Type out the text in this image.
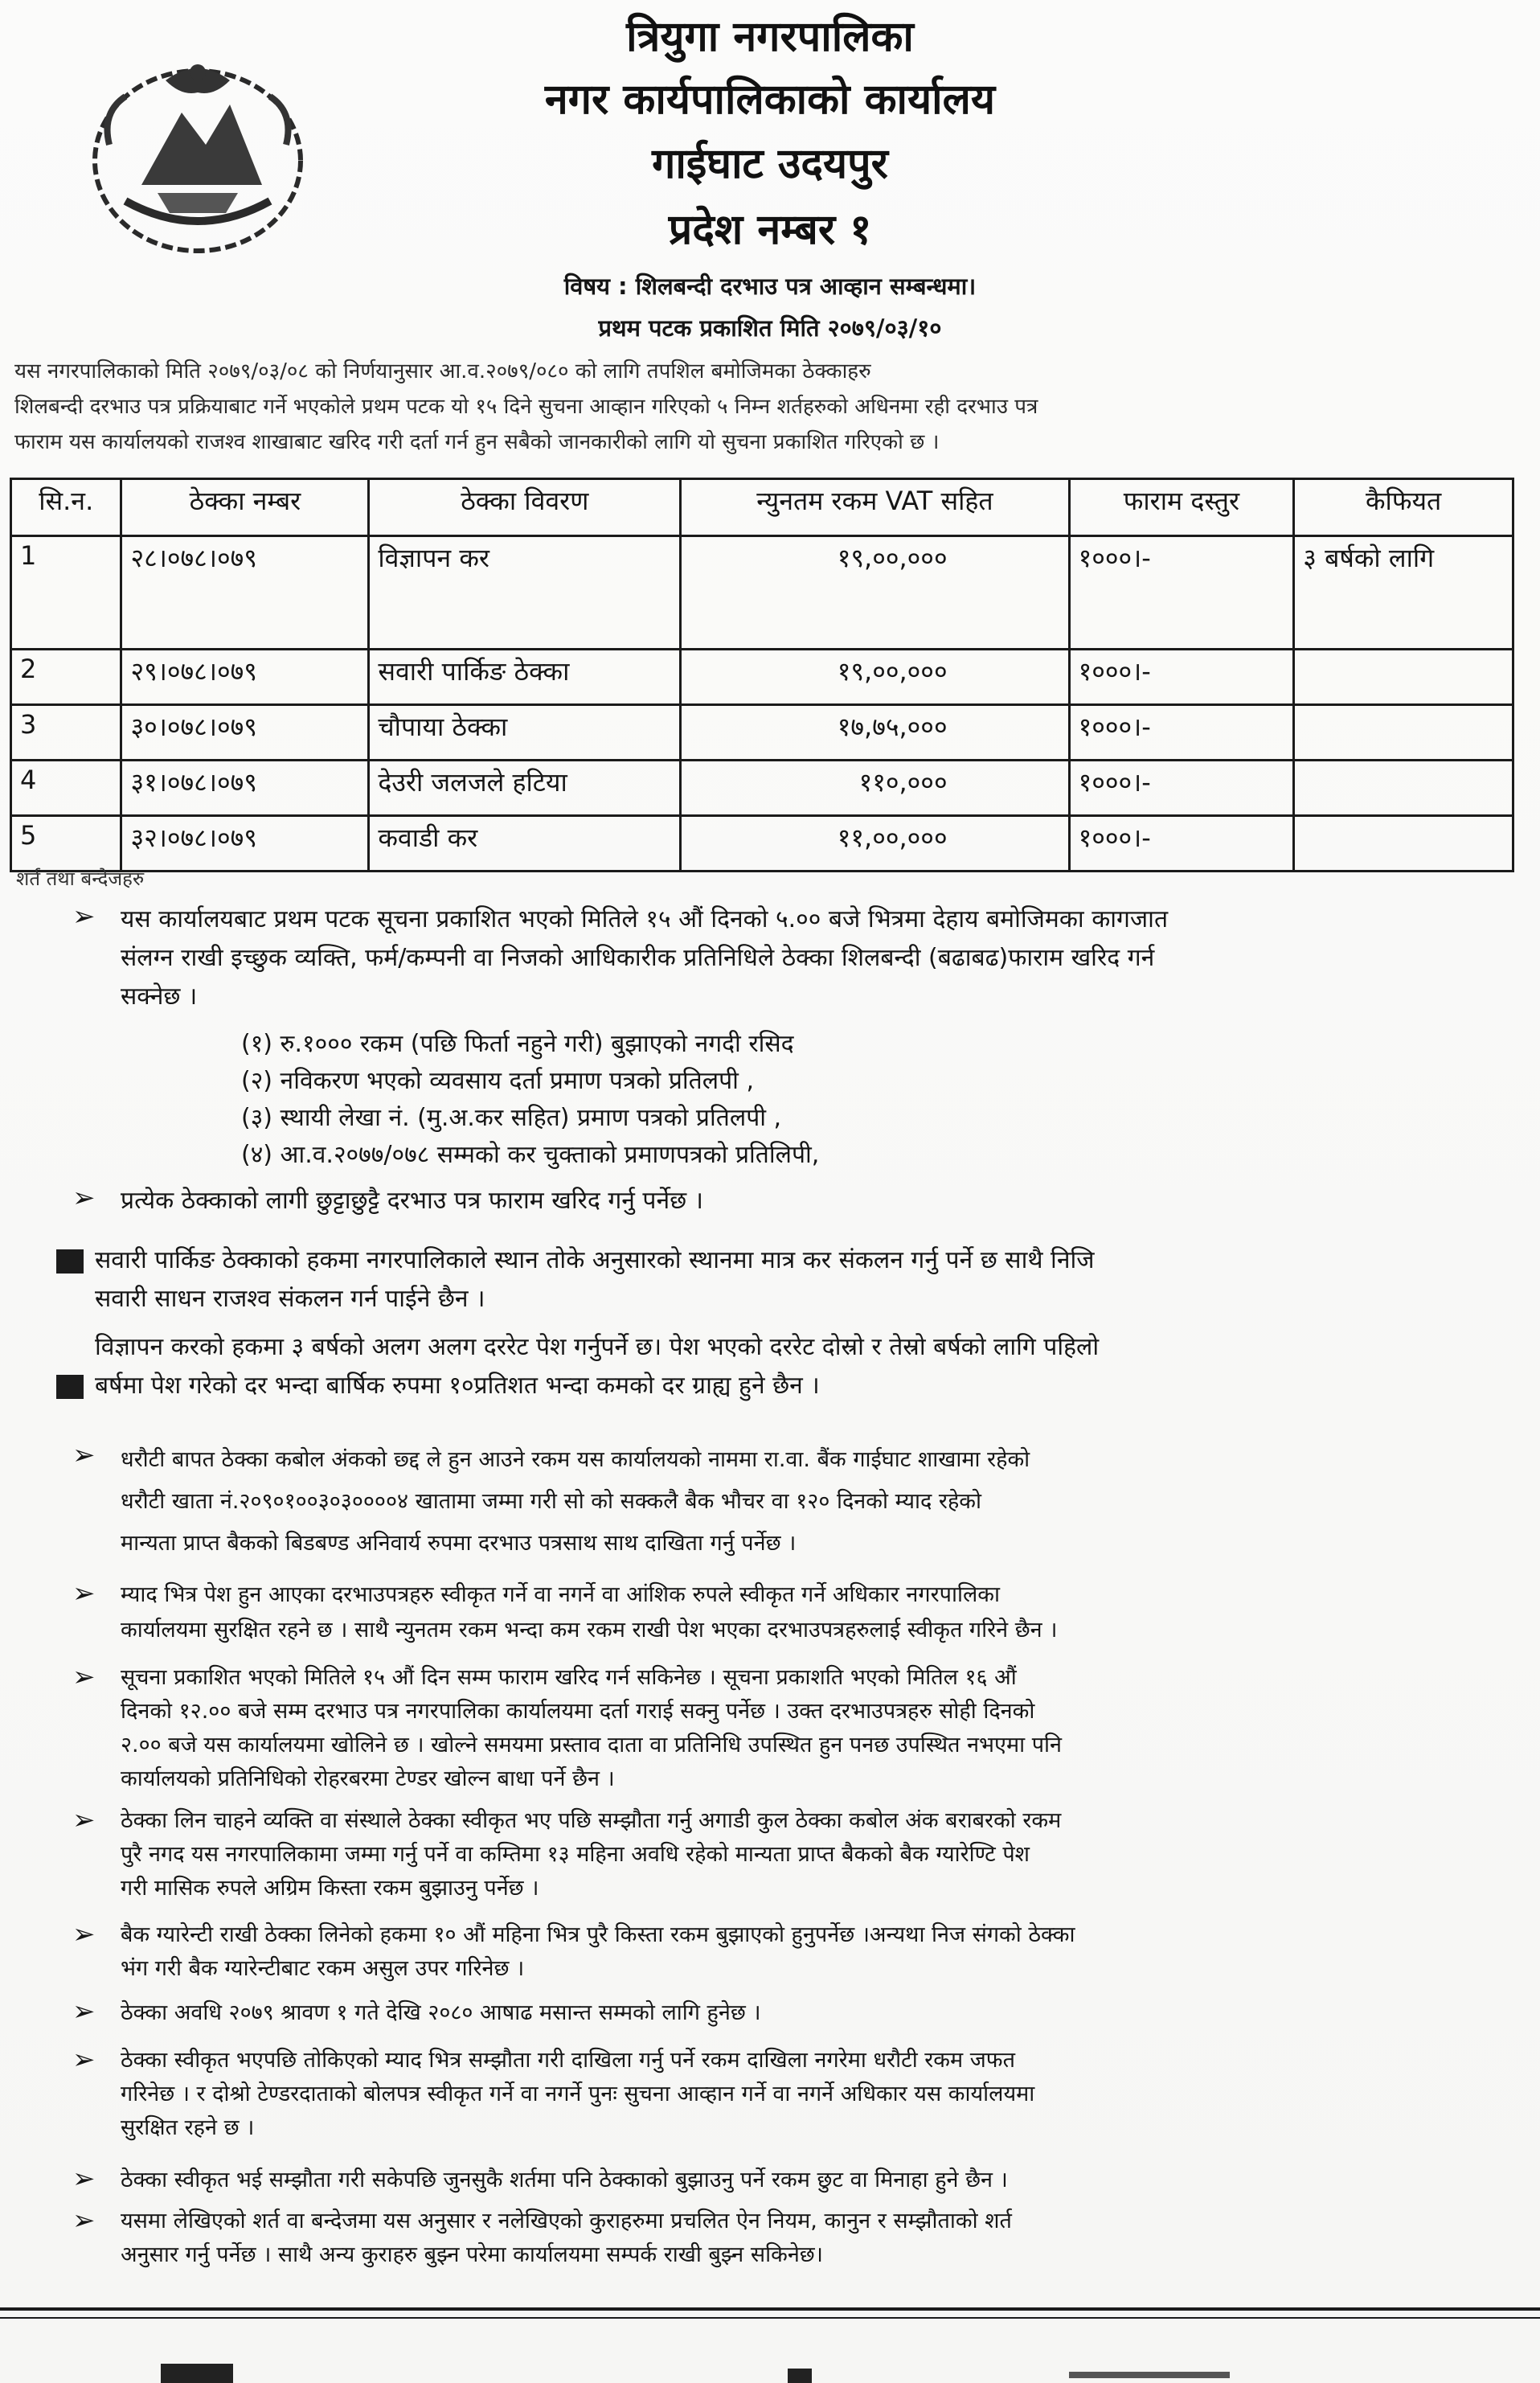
त्रियुगा नगरपालिका
नगर कार्यपालिकाको कार्यालय
गाईघाट उदयपुर
प्रदेश नम्बर १
विषय : शिलबन्दी दरभाउ पत्र आव्हान सम्बन्धमा।
प्रथम पटक प्रकाशित मिति २०७९/०३/१०

यस नगरपालिकाको मिति २०७९/०३/०८ को निर्णयानुसार आ.व.२०७९/०८० को लागि तपशिल बमोजिमका ठेक्काहरु

शिलबन्दी दरभाउ पत्र प्रक्रियाबाट गर्ने भएकोले प्रथम पटक यो १५ दिने सुचना आव्हान गरिएको ५ निम्न शर्तहरुको अधिनमा रही दरभाउ पत्र

फाराम यस कार्यालयको राजश्व शाखाबाट खरिद गरी दर्ता गर्न हुन सबैको जानकारीको लागि यो सुचना प्रकाशित गरिएको छ ।

सि.न.	ठेक्का नम्बर	ठेक्का विवरण	न्युनतम रकम VAT सहित	फाराम दस्तुर	कैफियत
1	२८।०७८।०७९	विज्ञापन कर	१९,००,०००	१०००।-	३ बर्षको लागि
2	२९।०७८।०७९	सवारी पार्किङ ठेक्का	१९,००,०००	१०००।-	
3	३०।०७८।०७९	चौपाया ठेक्का	१७,७५,०००	१०००।-	
4	३१।०७८।०७९	देउरी जलजले हटिया	११०,०००	१०००।-	
5	३२।०७८।०७९	कवाडी कर	११,००,०००	१०००।-	
शर्त तथा बन्देजहरु
➢ यस कार्यालयबाट प्रथम पटक सूचना प्रकाशित भएको मितिले १५ औं दिनको ५.०० बजे भित्रमा देहाय बमोजिमका कागजात

संलग्न राखी इच्छुक व्यक्ति, फर्म/कम्पनी वा निजको आधिकारीक प्रतिनिधिले ठेक्का शिलबन्दी (बढाबढ)फाराम खरिद गर्न

सक्नेछ ।

(१) रु.१००० रकम (पछि फिर्ता नहुने गरी) बुझाएको नगदी रसिद
(२) नविकरण भएको व्यवसाय दर्ता प्रमाण पत्रको प्रतिलपी ,
(३) स्थायी लेखा नं. (मु.अ.कर सहित) प्रमाण पत्रको प्रतिलपी ,
(४) आ.व.२०७७/०७८ सम्मको कर चुक्ताको प्रमाणपत्रको प्रतिलिपी,
➢ प्रत्येक ठेक्काको लागी छुट्टाछुट्टै दरभाउ पत्र फाराम खरिद गर्नु पर्नेछ ।

सवारी पार्किङ ठेक्काको हकमा नगरपालिकाले स्थान तोके अनुसारको स्थानमा मात्र कर संकलन गर्नु पर्ने छ साथै निजि

सवारी साधन राजश्व संकलन गर्न पाईने छैन ।

विज्ञापन करको हकमा ३ बर्षको अलग अलग दररेट पेश गर्नुपर्ने छ। पेश भएको दररेट दोस्रो र तेस्रो बर्षको लागि पहिलो

बर्षमा पेश गरेको दर भन्दा बार्षिक रुपमा १०प्रतिशत भन्दा कमको दर ग्राह्य हुने छैन ।

➢ धरौटी बापत ठेक्का कबोल अंकको छ्द्द ले हुन आउने रकम यस कार्यालयको नाममा रा.वा. बैंक गाईघाट शाखामा रहेको

धरौटी खाता नं.२०९०१००३०३००००४ खातामा जम्मा गरी सो को सक्कलै बैक भौचर वा १२० दिनको म्याद रहेको

मान्यता प्राप्त बैकको बिडबण्ड अनिवार्य रुपमा दरभाउ पत्रसाथ साथ दाखिता गर्नु पर्नेछ ।

➢ म्याद भित्र पेश हुन आएका दरभाउपत्रहरु स्वीकृत गर्ने वा नगर्ने वा आंशिक रुपले स्वीकृत गर्ने अधिकार नगरपालिका

कार्यालयमा सुरक्षित रहने छ । साथै न्युनतम रकम भन्दा कम रकम राखी पेश भएका दरभाउपत्रहरुलाई स्वीकृत गरिने छैन ।

➢ सूचना प्रकाशित भएको मितिले १५ औं दिन सम्म फाराम खरिद गर्न सकिनेछ । सूचना प्रकाशति भएको मितिल १६ औं

दिनको १२.०० बजे सम्म दरभाउ पत्र नगरपालिका कार्यालयमा दर्ता गराई सक्नु पर्नेछ । उक्त दरभाउपत्रहरु सोही दिनको

२.०० बजे यस कार्यालयमा खोलिने छ । खोल्ने समयमा प्रस्ताव दाता वा प्रतिनिधि उपस्थित हुन पनछ उपस्थित नभएमा पनि

कार्यालयको प्रतिनिधिको रोहरबरमा टेण्डर खोल्न बाधा पर्ने छैन ।

➢ ठेक्का लिन चाहने व्यक्ति वा संस्थाले ठेक्का स्वीकृत भए पछि सम्झौता गर्नु अगाडी कुल ठेक्का कबोल अंक बराबरको रकम

पुरै नगद यस नगरपालिकामा जम्मा गर्नु पर्ने वा कम्तिमा १३ महिना अवधि रहेको मान्यता प्राप्त बैकको बैक ग्यारेण्टि पेश

गरी मासिक रुपले अग्रिम किस्ता रकम बुझाउनु पर्नेछ ।

➢ बैक ग्यारेन्टी राखी ठेक्का लिनेको हकमा १० औं महिना भित्र पुरै किस्ता रकम बुझाएको हुनुपर्नेछ ।अन्यथा निज संगको ठेक्का

भंग गरी बैक ग्यारेन्टीबाट रकम असुल उपर गरिनेछ ।

➢ ठेक्का अवधि २०७९ श्रावण १ गते देखि २०८० आषाढ मसान्त सम्मको लागि हुनेछ ।

➢ ठेक्का स्वीकृत भएपछि तोकिएको म्याद भित्र सम्झौता गरी दाखिला गर्नु पर्ने रकम दाखिला नगरेमा धरौटी रकम जफत

गरिनेछ । र दोश्रो टेण्डरदाताको बोलपत्र स्वीकृत गर्ने वा नगर्ने पुनः सुचना आव्हान गर्ने वा नगर्ने अधिकार यस कार्यालयमा

सुरक्षित रहने छ ।

➢ ठेक्का स्वीकृत भई सम्झौता गरी सकेपछि जुनसुकै शर्तमा पनि ठेक्काको बुझाउनु पर्ने रकम छुट वा मिनाहा हुने छैन ।

➢ यसमा लेखिएको शर्त वा बन्देजमा यस अनुसार र नलेखिएको कुराहरुमा प्रचलित ऐन नियम, कानुन र सम्झौताको शर्त

अनुसार गर्नु पर्नेछ । साथै अन्य कुराहरु बुझ्न परेमा कार्यालयमा सम्पर्क राखी बुझ्न सकिनेछ।
